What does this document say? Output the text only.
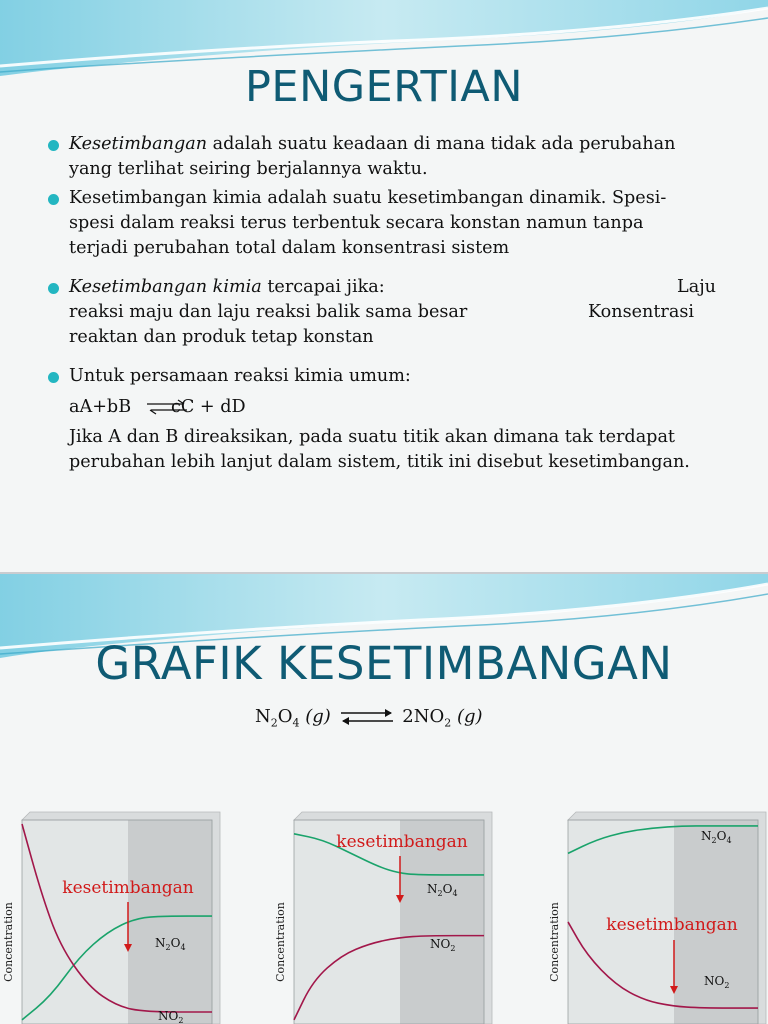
PENGERTIAN
Kesetimbangan adalah suatu keadaan di mana tidak ada perubahan
yang terlihat seiring berjalannya waktu.
Kesetimbangan kimia adalah suatu kesetimbangan dinamik. Spesi-
spesi dalam reaksi terus terbentuk secara konstan namun tanpa
terjadi perubahan total dalam konsentrasi sistem
Kesetimbangan kimia tercapai jika:	Laju
reaksi maju dan laju reaksi balik sama besar	Konsentrasi
reaktan dan produk tetap konstan
Untuk persamaan reaksi kimia umum:
aA+bB ⇌
cC + dD
Jika A dan B direaksikan, pada suatu titik akan dimana tak terdapat
perubahan lebih lanjut dalam sistem, titik ini disebut kesetimbangan.
GRAFIK KESETIMBANGAN
$N_2O_4$ (g) ⇌ $2NO_2$ (g)
Concentration	$N_2O_4$
$NO_2$
kesetimbangan
Concentration
$N_2O_4$
$NO_2$
kesetimbangan
Concentration
$N_2O_4$
$NO_2$
kesetimbangan
